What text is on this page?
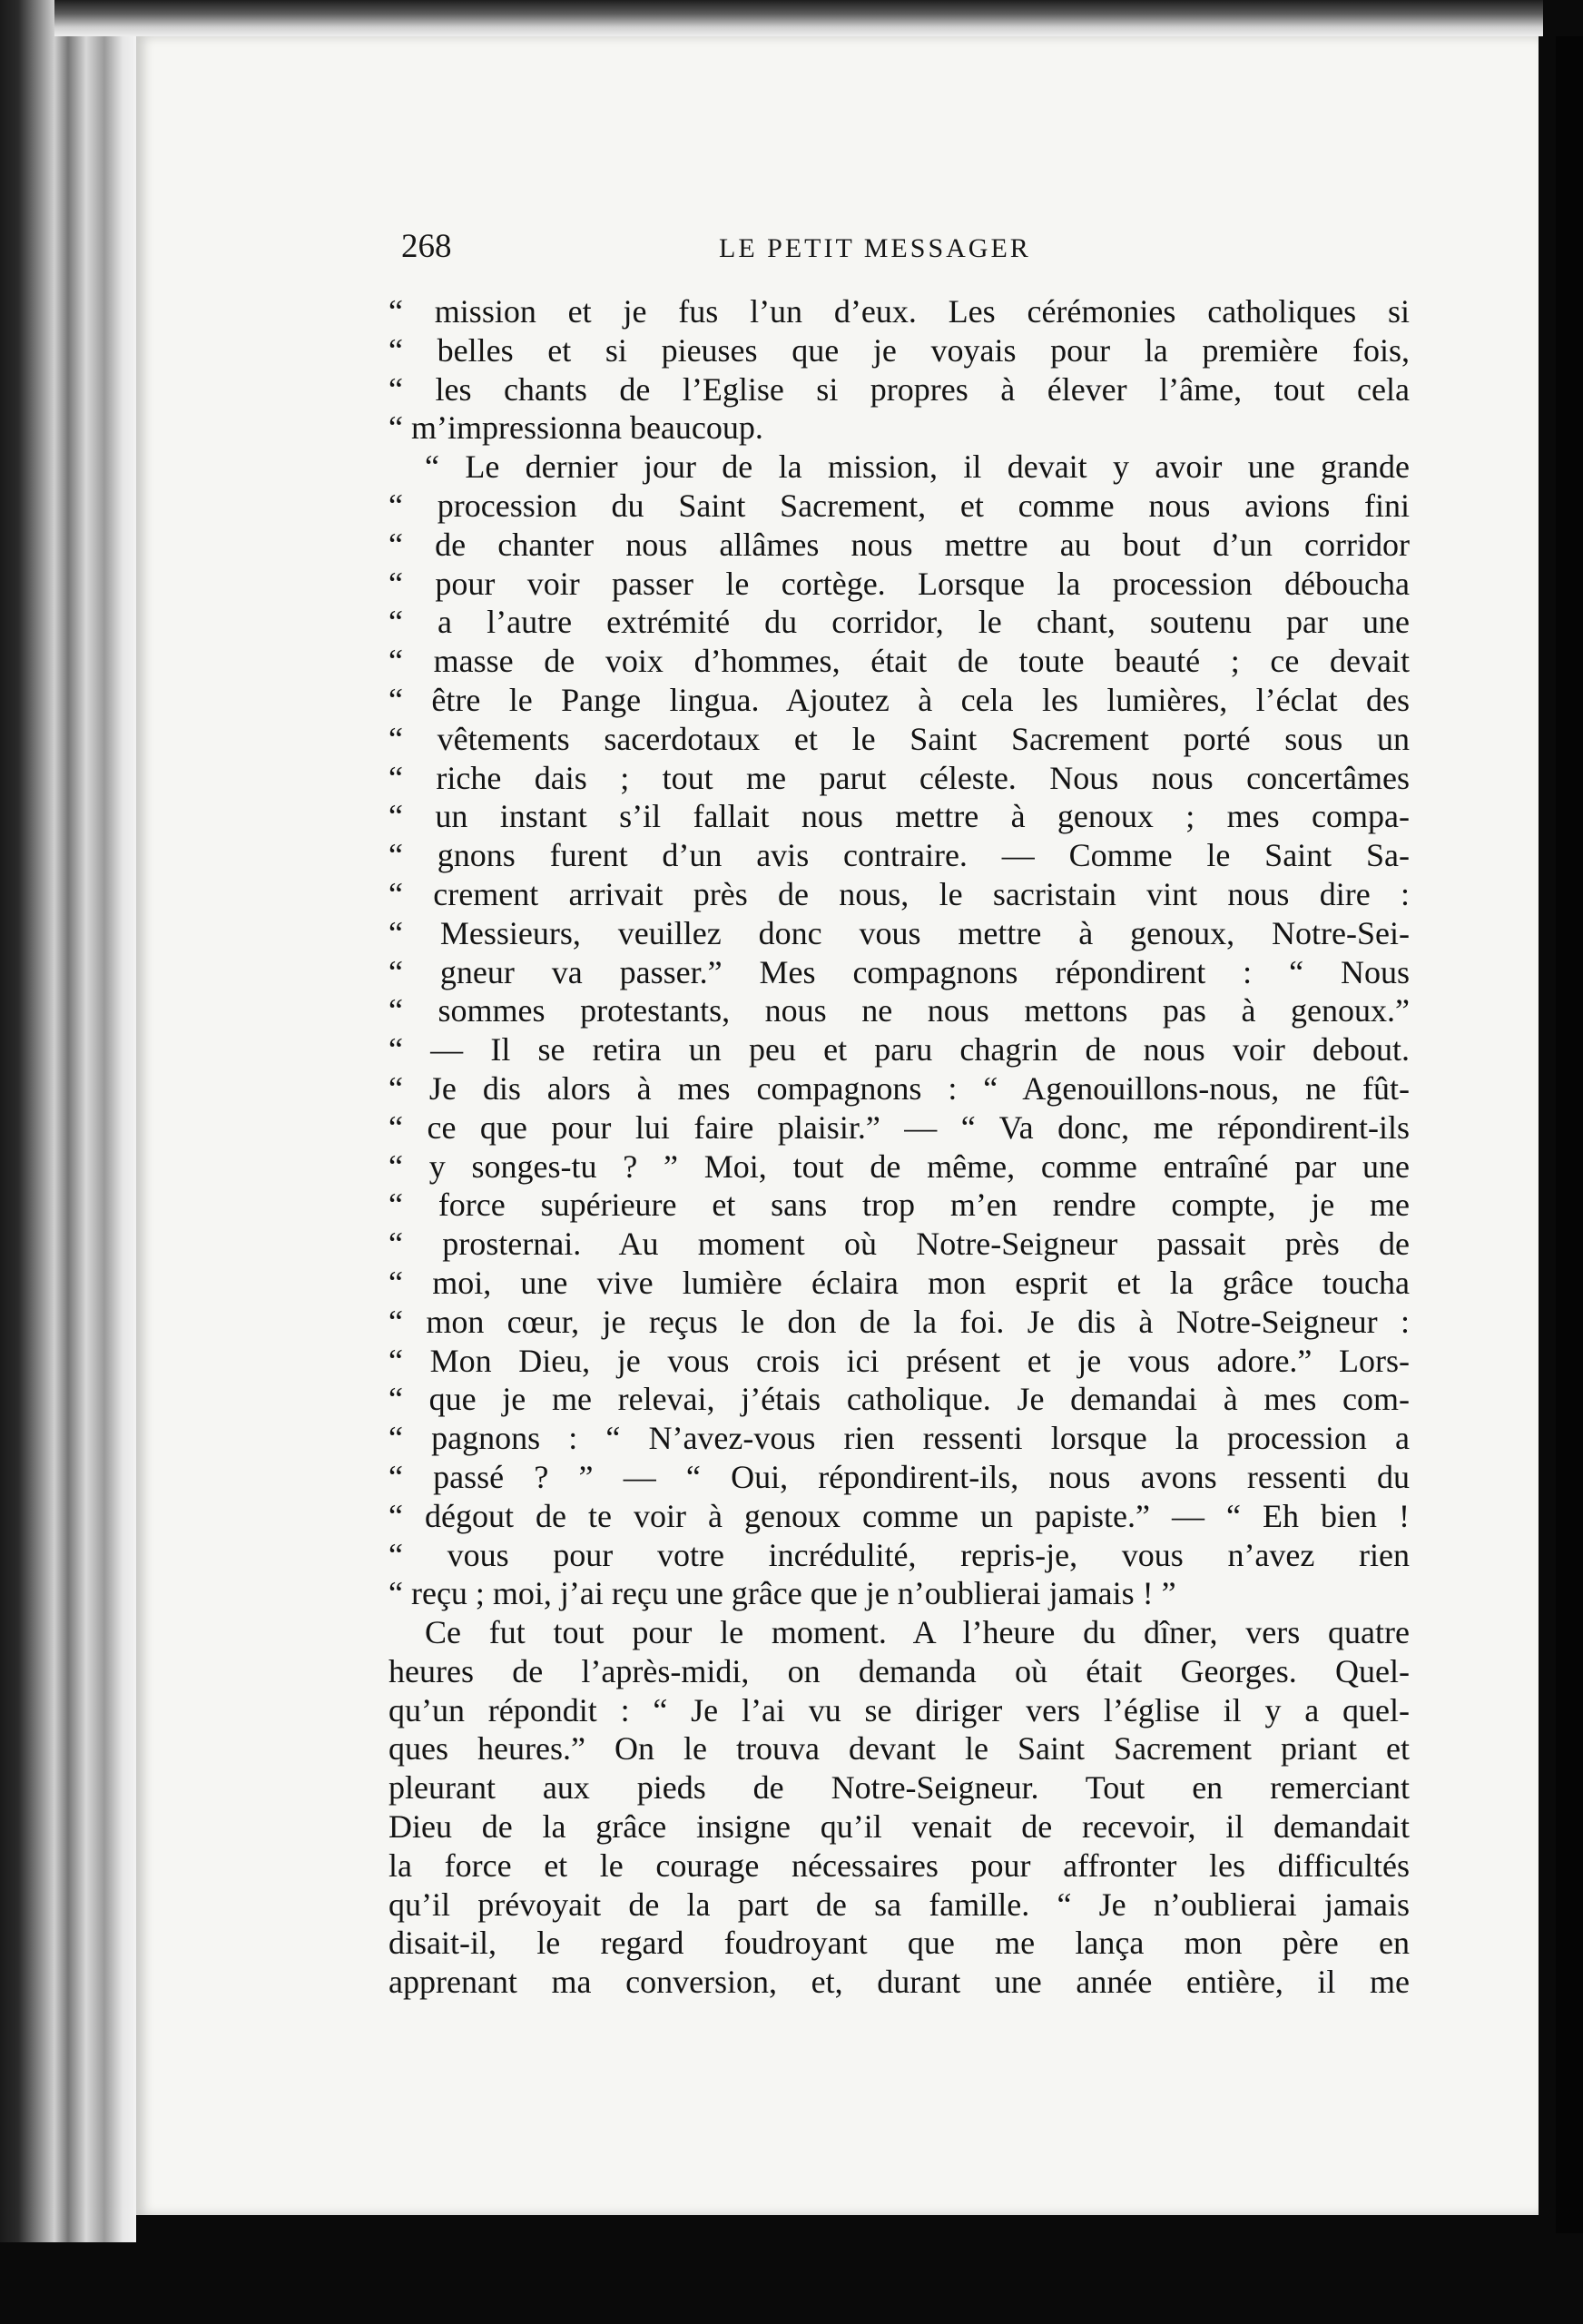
268	LE PETIT MESSAGER
“ mission et je fus l’un d’eux. Les cérémonies catholiques si
“ belles et si pieuses que je voyais pour la première fois,
“ les chants de l’Eglise si propres à élever l’âme, tout cela
“ m’impressionna beaucoup.
“ Le dernier jour de la mission, il devait y avoir une grande
“ procession du Saint Sacrement, et comme nous avions fini
“ de chanter nous allâmes nous mettre au bout d’un corridor
“ pour voir passer le cortège. Lorsque la procession déboucha
“ a l’autre extrémité du corridor, le chant, soutenu par une
“ masse de voix d’hommes, était de toute beauté ; ce devait
“ être le Pange lingua. Ajoutez à cela les lumières, l’éclat des
“ vêtements sacerdotaux et le Saint Sacrement porté sous un
“ riche dais ; tout me parut céleste. Nous nous concertâmes
“ un instant s’il fallait nous mettre à genoux ; mes compa-
“ gnons furent d’un avis contraire. — Comme le Saint Sa-
“ crement arrivait près de nous, le sacristain vint nous dire :
“ Messieurs, veuillez donc vous mettre à genoux, Notre-Sei-
“ gneur va passer.” Mes compagnons répondirent : “ Nous
“ sommes protestants, nous ne nous mettons pas à genoux.”
“ — Il se retira un peu et paru chagrin de nous voir debout.
“ Je dis alors à mes compagnons : “ Agenouillons-nous, ne fût-
“ ce que pour lui faire plaisir.” — “ Va donc, me répondirent-ils
“ y songes-tu ? ” Moi, tout de même, comme entraîné par une
“ force supérieure et sans trop m’en rendre compte, je me
“ prosternai. Au moment où Notre-Seigneur passait près de
“ moi, une vive lumière éclaira mon esprit et la grâce toucha
“ mon cœur, je reçus le don de la foi. Je dis à Notre-Seigneur :
“ Mon Dieu, je vous crois ici présent et je vous adore.” Lors-
“ que je me relevai, j’étais catholique. Je demandai à mes com-
“ pagnons : “ N’avez-vous rien ressenti lorsque la procession a
“ passé ? ” — “ Oui, répondirent-ils, nous avons ressenti du
“ dégout de te voir à genoux comme un papiste.” — “ Eh bien !
“ vous pour votre incrédulité, repris-je, vous n’avez rien
“ reçu ; moi, j’ai reçu une grâce que je n’oublierai jamais ! ”
Ce fut tout pour le moment. A l’heure du dîner, vers quatre
heures de l’après-midi, on demanda où était Georges. Quel-
qu’un répondit : “ Je l’ai vu se diriger vers l’église il y a quel-
ques heures.” On le trouva devant le Saint Sacrement priant et
pleurant aux pieds de Notre-Seigneur. Tout en remerciant
Dieu de la grâce insigne qu’il venait de recevoir, il demandait
la force et le courage nécessaires pour affronter les difficultés
qu’il prévoyait de la part de sa famille. “ Je n’oublierai jamais
disait-il, le regard foudroyant que me lança mon père en
apprenant ma conversion, et, durant une année entière, il me
